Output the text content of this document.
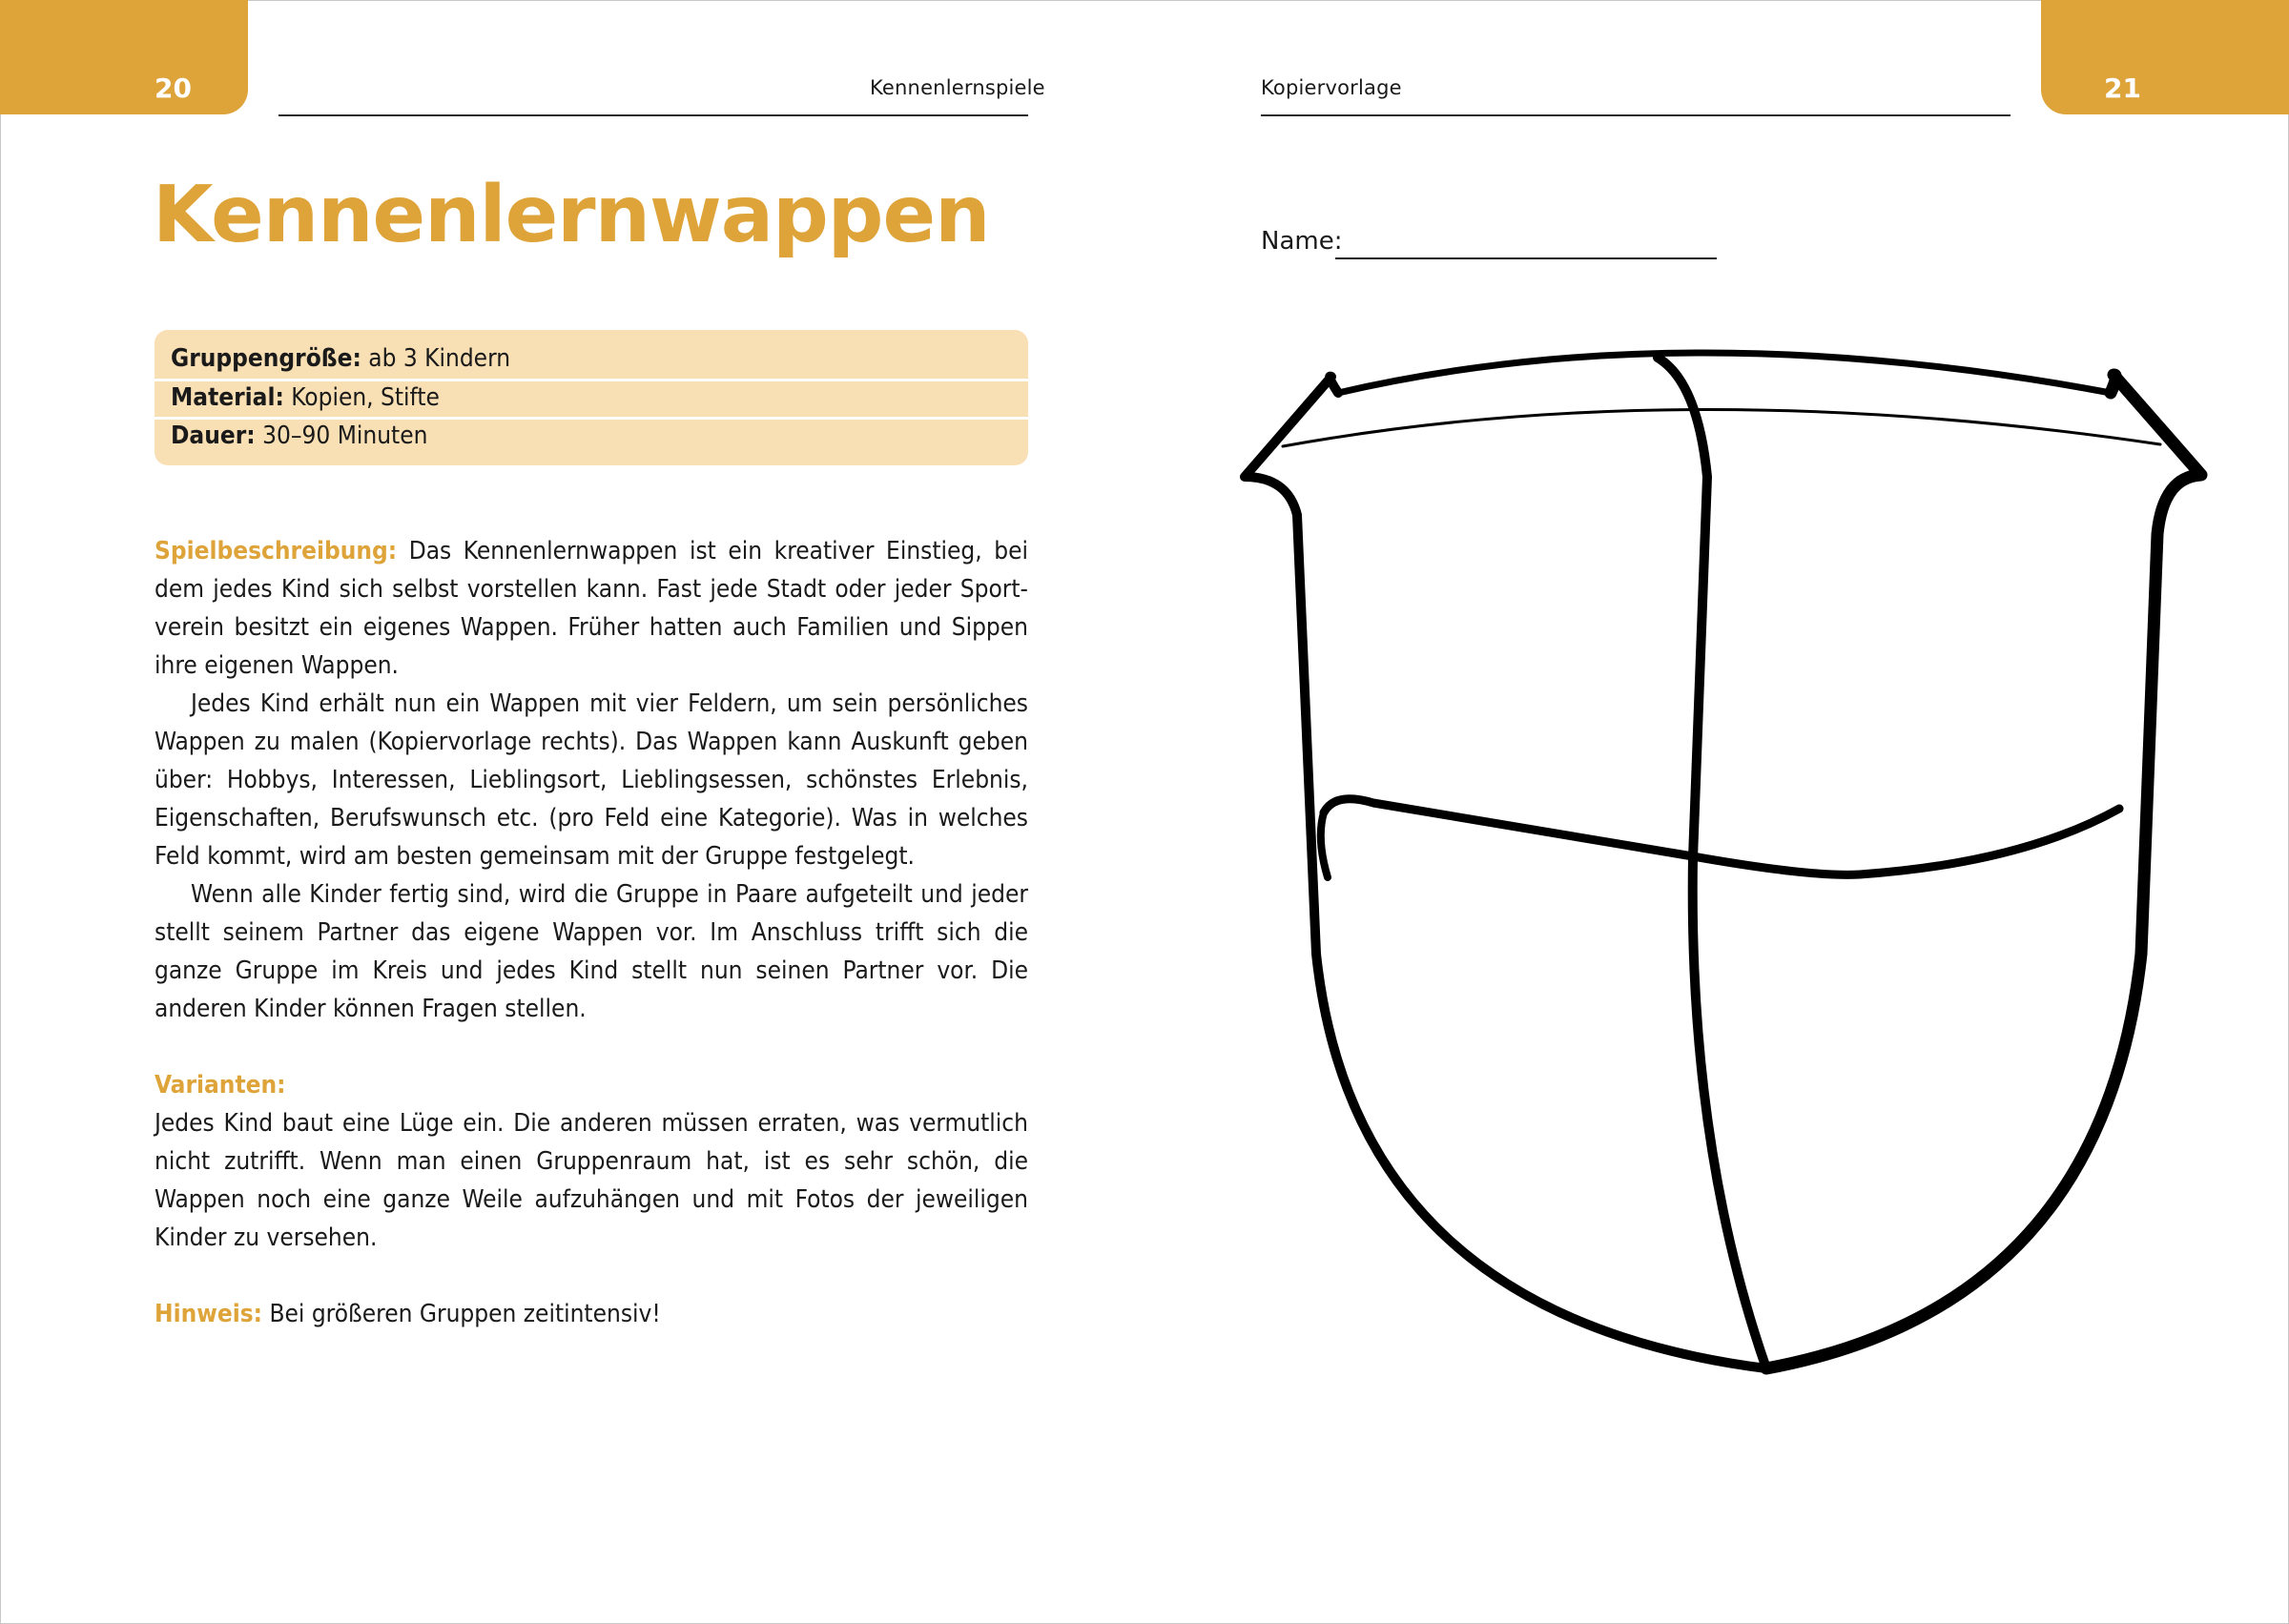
20	Kennenlernspiele
Kennenlernwappen
Gruppengröße: ab 3 Kindern
Material: Kopien, Stifte
Dauer: 30–90 Minuten

Spielbeschreibung: Das Kennenlernwappen ist ein kreativer Einstieg, bei dem jedes Kind sich selbst vorstellen kann. Fast jede Stadt oder jeder Sport-verein besitzt ein eigenes Wappen. Früher hatten auch Familien und Sippen ihre eigenen Wappen.

Jedes Kind erhält nun ein Wappen mit vier Feldern, um sein persönliches Wappen zu malen (Kopiervorlage rechts). Das Wappen kann Auskunft geben über: Hobbys, Interessen, Lieblingsort, Lieblingsessen, schönstes Erlebnis, Eigenschaften, Berufswunsch etc. (pro Feld eine Kategorie). Was in welches Feld kommt, wird am besten gemeinsam mit der Gruppe festgelegt.

Wenn alle Kinder fertig sind, wird die Gruppe in Paare aufgeteilt und jeder stellt seinem Partner das eigene Wappen vor. Im Anschluss trifft sich die ganze Gruppe im Kreis und jedes Kind stellt nun seinen Partner vor. Die anderen Kinder können Fragen stellen.

Varianten:

Jedes Kind baut eine Lüge ein. Die anderen müssen erraten, was vermutlich nicht zutrifft. Wenn man einen Gruppenraum hat, ist es sehr schön, die Wappen noch eine ganze Weile aufzuhängen und mit Fotos der jeweiligen Kinder zu versehen.

Hinweis: Bei größeren Gruppen zeitintensiv!

21
Kopiervorlage
Name:
